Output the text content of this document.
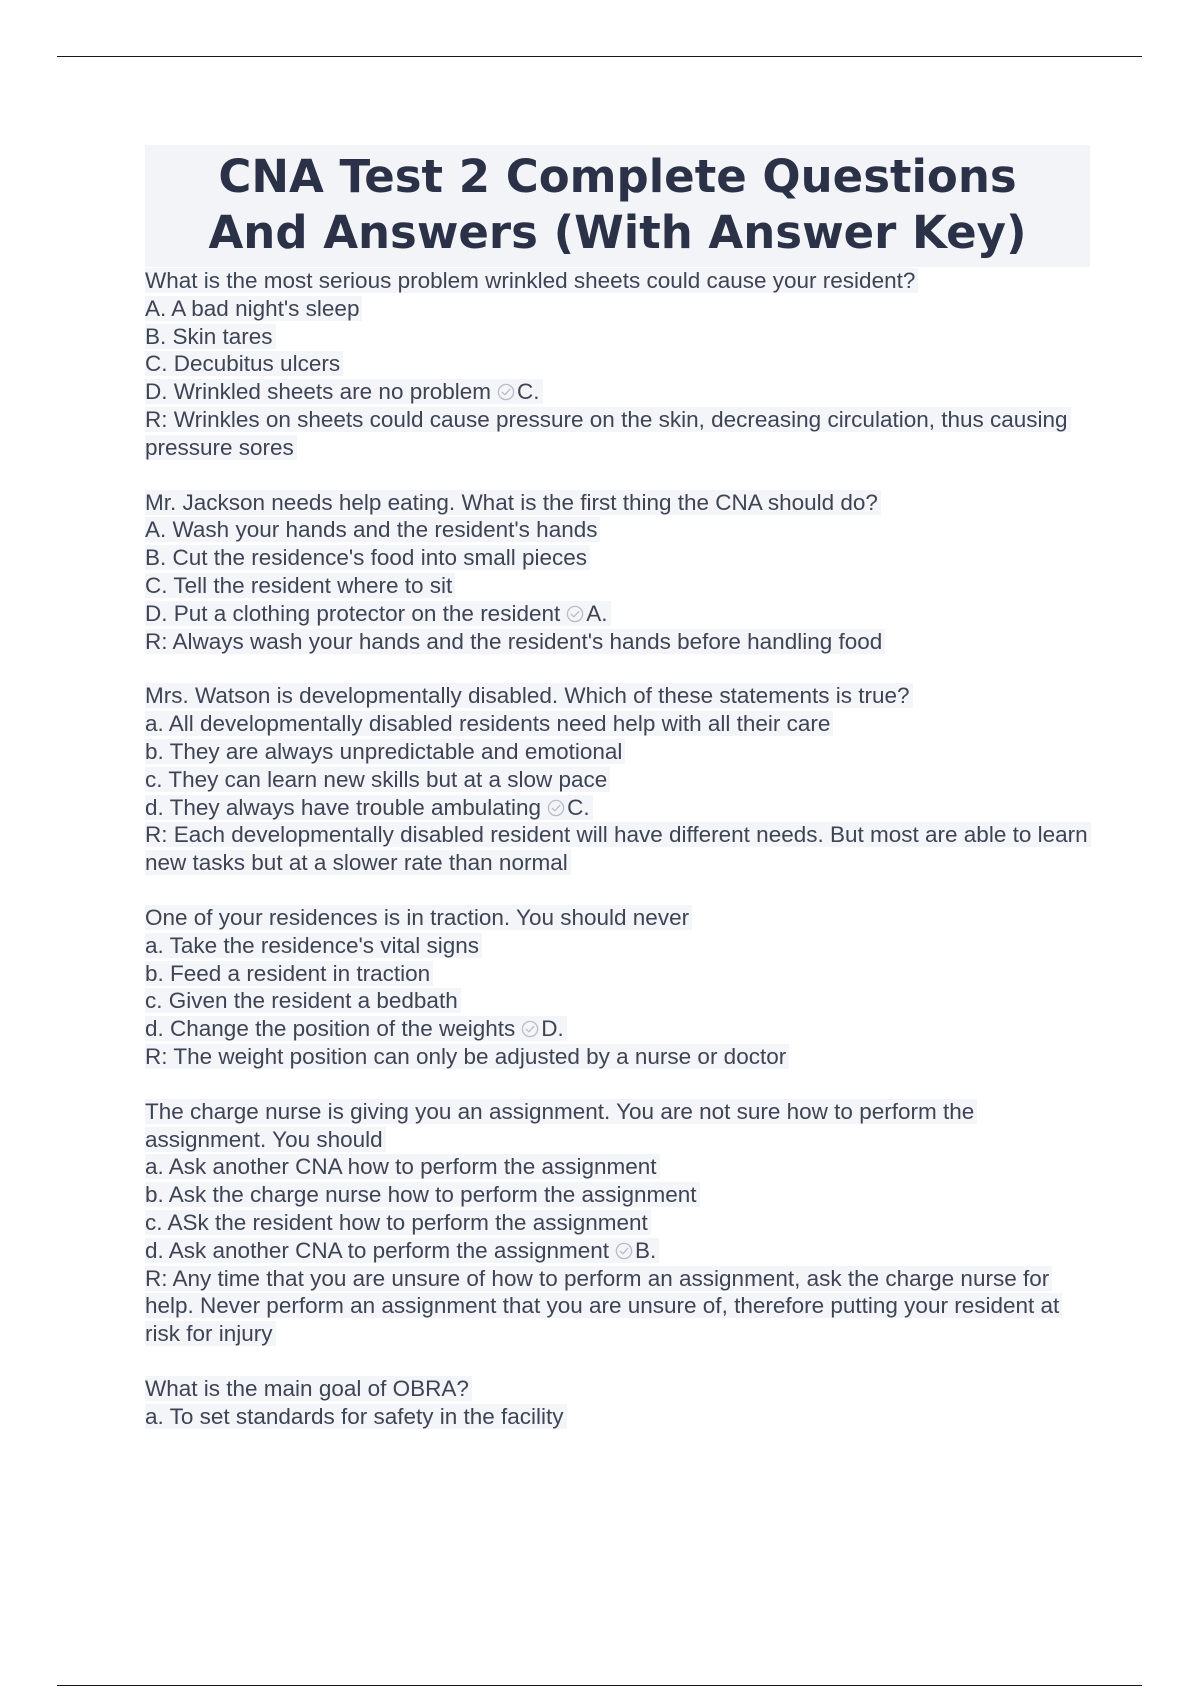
CNA Test 2 Complete Questions
And Answers (With Answer Key)
What is the most serious problem wrinkled sheets could cause your resident?
A. A bad night's sleep
B. Skin tares
C. Decubitus ulcers
D. Wrinkled sheets are no problem C.
R: Wrinkles on sheets could cause pressure on the skin, decreasing circulation, thus causing pressure sores
Mr. Jackson needs help eating. What is the first thing the CNA should do?
A. Wash your hands and the resident's hands
B. Cut the residence's food into small pieces
C. Tell the resident where to sit
D. Put a clothing protector on the resident A.
R: Always wash your hands and the resident's hands before handling food
Mrs. Watson is developmentally disabled. Which of these statements is true?
a. All developmentally disabled residents need help with all their care
b. They are always unpredictable and emotional
c. They can learn new skills but at a slow pace
d. They always have trouble ambulating C.
R: Each developmentally disabled resident will have different needs. But most are able to learn new tasks but at a slower rate than normal
One of your residences is in traction. You should never
a. Take the residence's vital signs
b. Feed a resident in traction
c. Given the resident a bedbath
d. Change the position of the weights D.
R: The weight position can only be adjusted by a nurse or doctor
The charge nurse is giving you an assignment. You are not sure how to perform the assignment. You should
a. Ask another CNA how to perform the assignment
b. Ask the charge nurse how to perform the assignment
c. ASk the resident how to perform the assignment
d. Ask another CNA to perform the assignment B.
R: Any time that you are unsure of how to perform an assignment, ask the charge nurse for help. Never perform an assignment that you are unsure of, therefore putting your resident at risk for injury
What is the main goal of OBRA?
a. To set standards for safety in the facility
